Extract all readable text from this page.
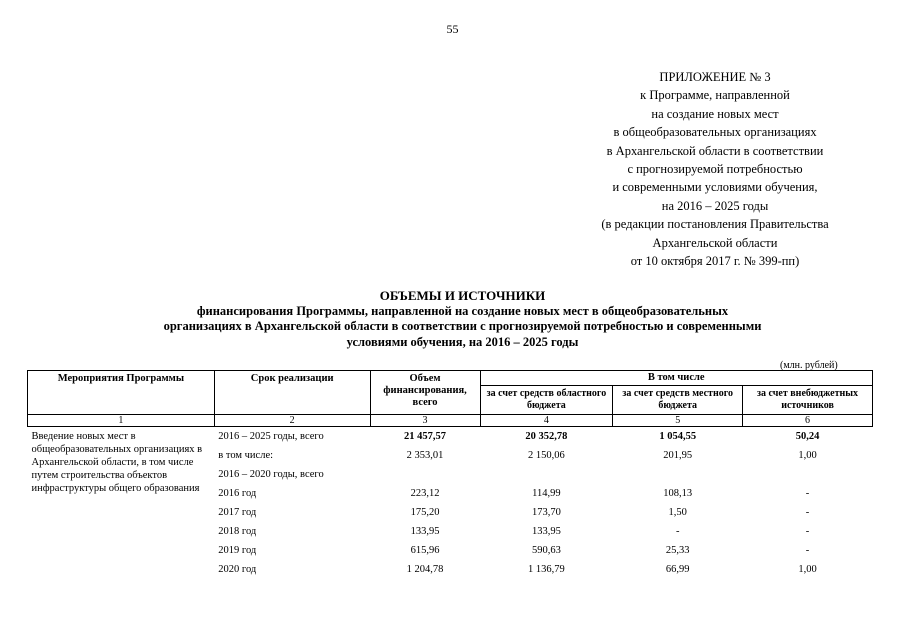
55
ПРИЛОЖЕНИЕ № 3
к Программе, направленной
на создание новых мест
в общеобразовательных организациях
в Архангельской области в соответствии
с прогнозируемой потребностью
и современными условиями обучения,
на 2016 – 2025 годы
(в редакции постановления Правительства
Архангельской области
от 10 октября 2017 г. № 399-пп)
ОБЪЕМЫ И ИСТОЧНИКИ
финансирования Программы, направленной на создание новых мест в общеобразовательных
организациях в Архангельской области в соответствии с прогнозируемой потребностью и современными
условиями обучения, на 2016 – 2025 годы
(млн. рублей)
Мероприятия Программы	Срок реализации	Объем финансирования, всего	В том числе		
			за счет средств областного бюджета	за счет средств местного бюджета	за счет внебюджетных источников
1	2	3	4	5	6
Введение новых мест в общеобразовательных организациях в Архангельской области, в том числе путем строительства объектов инфраструктуры общего образования	2016 – 2025 годы, всего	21 457,57	20 352,78	1 054,55	50,24
	в том числе:	2 353,01	2 150,06	201,95	1,00
	2016 – 2020 годы, всего				
	2016 год	223,12	114,99	108,13	-
	2017 год	175,20	173,70	1,50	-
	2018 год	133,95	133,95	-	-
	2019 год	615,96	590,63	25,33	-
	2020 год	1 204,78	1 136,79	66,99	1,00
